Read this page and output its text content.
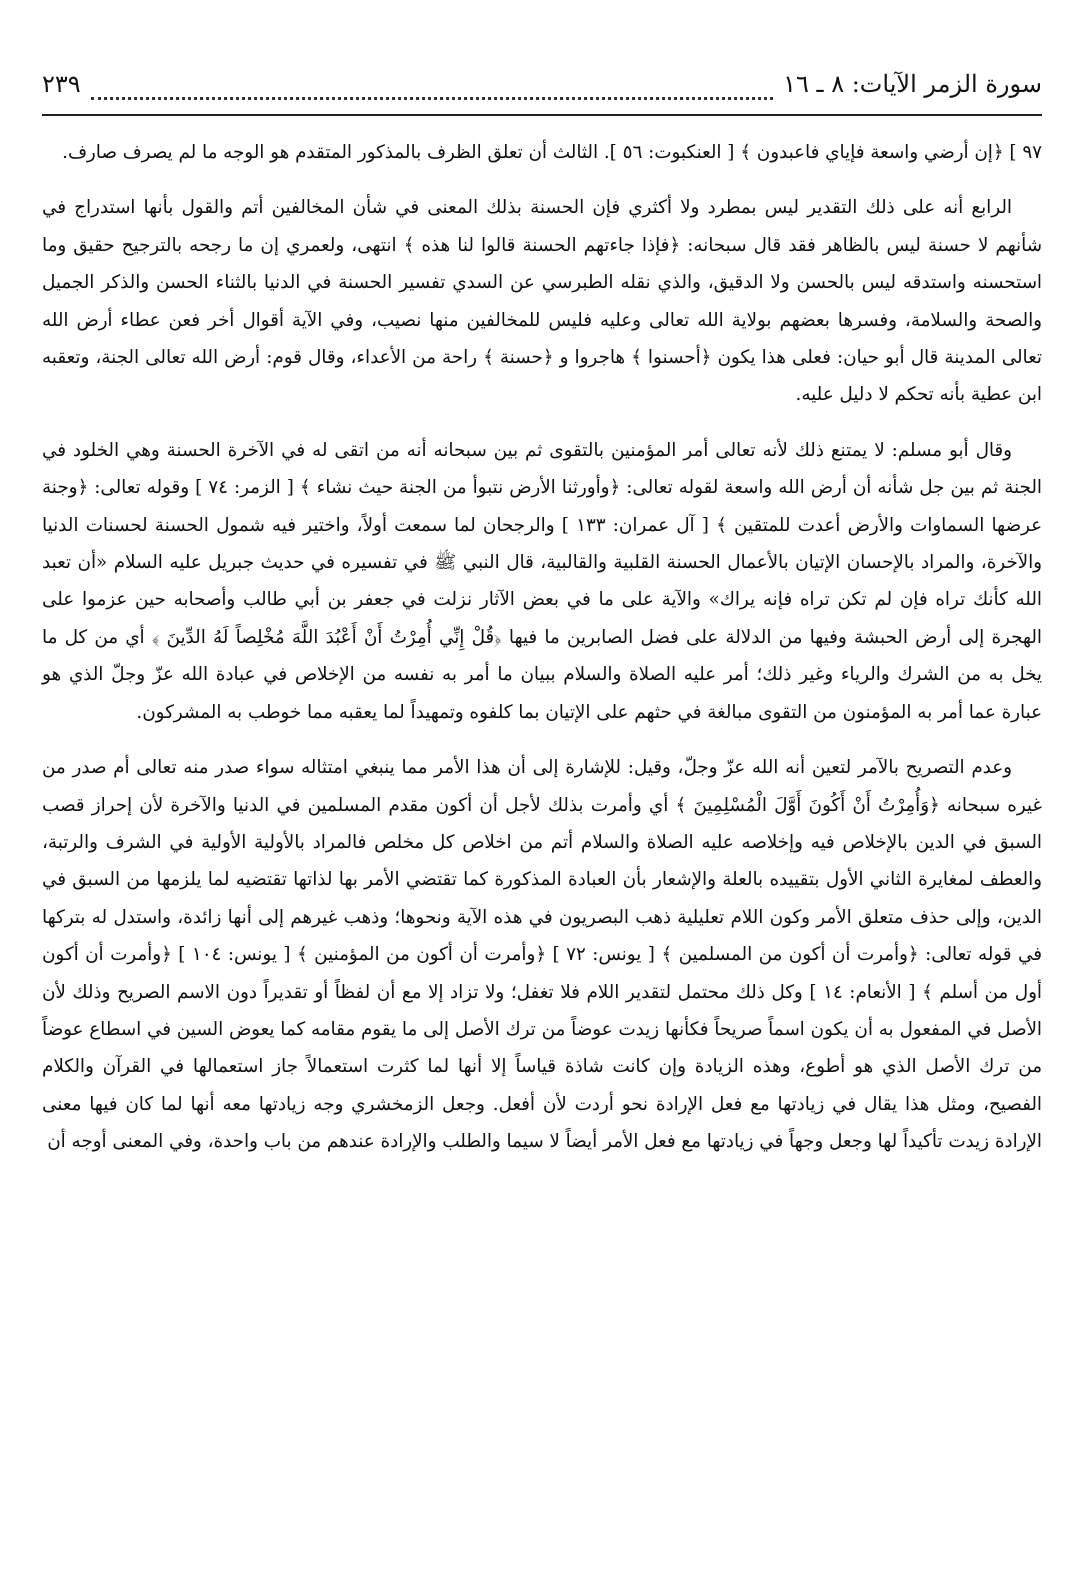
سورة الزمر الآيات: ٨ ـ ١٦
٢٣٩

٩٧ ] ﴿إن أرضي واسعة فإياي فاعبدون ﴾ [ العنكبوت: ٥٦ ]. الثالث أن تعلق الظرف بالمذكور المتقدم هو الوجه ما لم يصرف صارف.

الرابع أنه على ذلك التقدير ليس بمطرد ولا أكثري فإن الحسنة بذلك المعنى في شأن المخالفين أتم والقول بأنها استدراج في شأنهم لا حسنة ليس بالظاهر فقد قال سبحانه: ﴿فإذا جاءتهم الحسنة قالوا لنا هذه ﴾ انتهى، ولعمري إن ما رجحه بالترجيح حقيق وما استحسنه واستدقه ليس بالحسن ولا الدقيق، والذي نقله الطبرسي عن السدي تفسير الحسنة في الدنيا بالثناء الحسن والذكر الجميل والصحة والسلامة، وفسرها بعضهم بولاية الله تعالى وعليه فليس للمخالفين منها نصيب، وفي الآية أقوال أخر فعن عطاء أرض الله تعالى المدينة قال أبو حيان: فعلى هذا يكون ﴿أحسنوا ﴾ هاجروا و ﴿حسنة ﴾ راحة من الأعداء، وقال قوم: أرض الله تعالى الجنة، وتعقبه ابن عطية بأنه تحكم لا دليل عليه.

وقال أبو مسلم: لا يمتنع ذلك لأنه تعالى أمر المؤمنين بالتقوى ثم بين سبحانه أنه من اتقى له في الآخرة الحسنة وهي الخلود في الجنة ثم بين جل شأنه أن أرض الله واسعة لقوله تعالى: ﴿وأورثنا الأرض نتبوأ من الجنة حيث نشاء ﴾ [ الزمر: ٧٤ ] وقوله تعالى: ﴿وجنة عرضها السماوات والأرض أعدت للمتقين ﴾ [ آل عمران: ١٣٣ ] والرجحان لما سمعت أولاً، واختير فيه شمول الحسنة لحسنات الدنيا والآخرة، والمراد بالإحسان الإتيان بالأعمال الحسنة القلبية والقالبية، قال النبي ﷺ في تفسيره في حديث جبريل عليه السلام «أن تعبد الله كأنك تراه فإن لم تكن تراه فإنه يراك» والآية على ما في بعض الآثار نزلت في جعفر بن أبي طالب وأصحابه حين عزموا على الهجرة إلى أرض الحبشة وفيها من الدلالة على فضل الصابرين ما فيها ﴿قُلْ إِنِّي أُمِرْتُ أَنْ أَعْبُدَ اللَّهَ مُخْلِصاً لَهُ الدِّينَ ﴾ أي من كل ما يخل به من الشرك والرياء وغير ذلك؛ أمر عليه الصلاة والسلام ببيان ما أمر به نفسه من الإخلاص في عبادة الله عزّ وجلّ الذي هو عبارة عما أمر به المؤمنون من التقوى مبالغة في حثهم على الإتيان بما كلفوه وتمهيداً لما يعقبه مما خوطب به المشركون.

وعدم التصريح بالآمر لتعين أنه الله عزّ وجلّ، وقيل: للإشارة إلى أن هذا الأمر مما ينبغي امتثاله سواء صدر منه تعالى أم صدر من غيره سبحانه ﴿وَأُمِرْتُ أَنْ أَكُونَ أَوَّلَ الْمُسْلِمِينَ ﴾ أي وأمرت بذلك لأجل أن أكون مقدم المسلمين في الدنيا والآخرة لأن إحراز قصب السبق في الدين بالإخلاص فيه وإخلاصه عليه الصلاة والسلام أتم من اخلاص كل مخلص فالمراد بالأولية الأولية في الشرف والرتبة، والعطف لمغايرة الثاني الأول بتقييده بالعلة والإشعار بأن العبادة المذكورة كما تقتضي الأمر بها لذاتها تقتضيه لما يلزمها من السبق في الدين، وإلى حذف متعلق الأمر وكون اللام تعليلية ذهب البصريون في هذه الآية ونحوها؛ وذهب غيرهم إلى أنها زائدة، واستدل له بتركها في قوله تعالى: ﴿وأمرت أن أكون من المسلمين ﴾ [ يونس: ٧٢ ] ﴿وأمرت أن أكون من المؤمنين ﴾ [ يونس: ١٠٤ ] ﴿وأمرت أن أكون أول من أسلم ﴾ [ الأنعام: ١٤ ] وكل ذلك محتمل لتقدير اللام فلا تغفل؛ ولا تزاد إلا مع أن لفظاً أو تقديراً دون الاسم الصريح وذلك لأن الأصل في المفعول به أن يكون اسماً صريحاً فكأنها زيدت عوضاً من ترك الأصل إلى ما يقوم مقامه كما يعوض السين في اسطاع عوضاً من ترك الأصل الذي هو أطوع، وهذه الزيادة وإن كانت شاذة قياساً إلا أنها لما كثرت استعمالاً جاز استعمالها في القرآن والكلام الفصيح، ومثل هذا يقال في زيادتها مع فعل الإرادة نحو أردت لأن أفعل. وجعل الزمخشري وجه زيادتها معه أنها لما كان فيها معنى الإرادة زيدت تأكيداً لها وجعل وجهاً في زيادتها مع فعل الأمر أيضاً لا سيما والطلب والإرادة عندهم من باب واحدة، وفي المعنى أوجه أن
